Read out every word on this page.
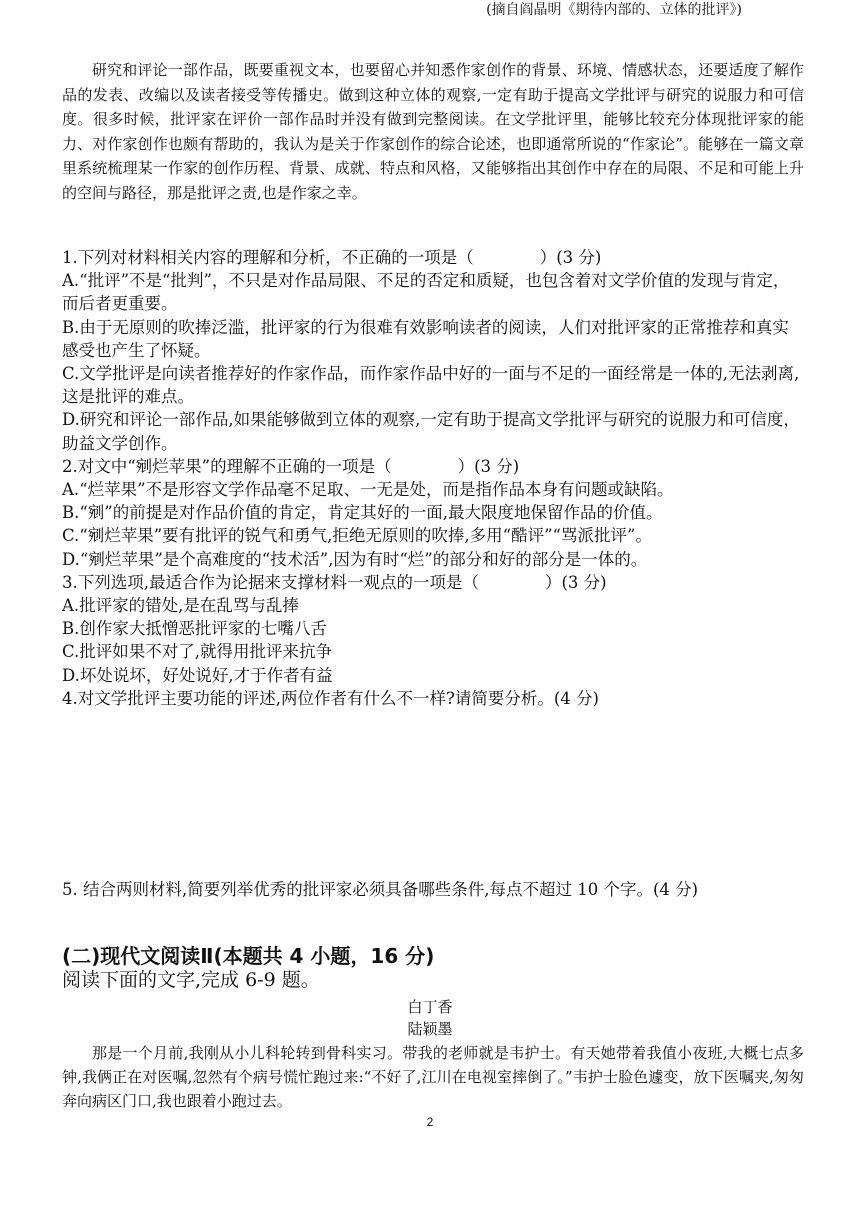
研究和评论一部作品，既要重视文本，也要留心并知悉作家创作的背景、环境、情感状态，还要适度了解作品的发表、改编以及读者接受等传播史。做到这种立体的观察,一定有助于提高文学批评与研究的说服力和可信度。很多时候，批评家在评价一部作品时并没有做到完整阅读。在文学批评里，能够比较充分体现批评家的能力、对作家创作也颇有帮助的，我认为是关于作家创作的综合论述，也即通常所说的“作家论”。能够在一篇文章里系统梳理某一作家的创作历程、背景、成就、特点和风格，又能够指出其创作中存在的局限、不足和可能上升的空间与路径，那是批评之责,也是作家之幸。
(摘自阎晶明《期待内部的、立体的批评》)
1.下列对材料相关内容的理解和分析，不正确的一项是（　　　　）(3 分)
A.“批评”不是“批判”，不只是对作品局限、不足的否定和质疑，也包含着对文学价值的发现与肯定，而后者更重要。
B.由于无原则的吹捧泛滥，批评家的行为很难有效影响读者的阅读，人们对批评家的正常推荐和真实感受也产生了怀疑。
C.文学批评是向读者推荐好的作家作品，而作家作品中好的一面与不足的一面经常是一体的,无法剥离,这是批评的难点。
D.研究和评论一部作品,如果能够做到立体的观察,一定有助于提高文学批评与研究的说服力和可信度，助益文学创作。
2.对文中“剜烂苹果”的理解不正确的一项是（　　　　）(3 分)
A.“烂苹果”不是形容文学作品毫不足取、一无是处，而是指作品本身有问题或缺陷。
B.“剜”的前提是对作品价值的肯定，肯定其好的一面,最大限度地保留作品的价值。
C.“剜烂苹果”要有批评的锐气和勇气,拒绝无原则的吹捧,多用“酷评”“骂派批评”。
D.“剜烂苹果”是个高难度的“技术活”,因为有时“烂”的部分和好的部分是一体的。
3.下列选项,最适合作为论据来支撑材料一观点的一项是（　　　　）(3 分)
A.批评家的错处,是在乱骂与乱捧
B.创作家大抵憎恶批评家的七嘴八舌
C.批评如果不对了,就得用批评来抗争
D.坏处说坏，好处说好,才于作者有益
4.对文学批评主要功能的评述,两位作者有什么不一样?请简要分析。(4 分)
5. 结合两则材料,简要列举优秀的批评家必须具备哪些条件,每点不超过 10 个字。(4 分)
(二)现代文阅读Ⅱ(本题共 4 小题，16 分)
阅读下面的文字,完成 6-9 题。
白丁香
陆颖墨
那是一个月前,我刚从小儿科轮转到骨科实习。带我的老师就是韦护士。有天她带着我值小夜班,大概七点多钟,我俩正在对医嘱,忽然有个病号慌忙跑过来:“不好了,江川在电视室摔倒了。”韦护士脸色遽变，放下医嘱夹,匆匆奔向病区门口,我也跟着小跑过去。
2
